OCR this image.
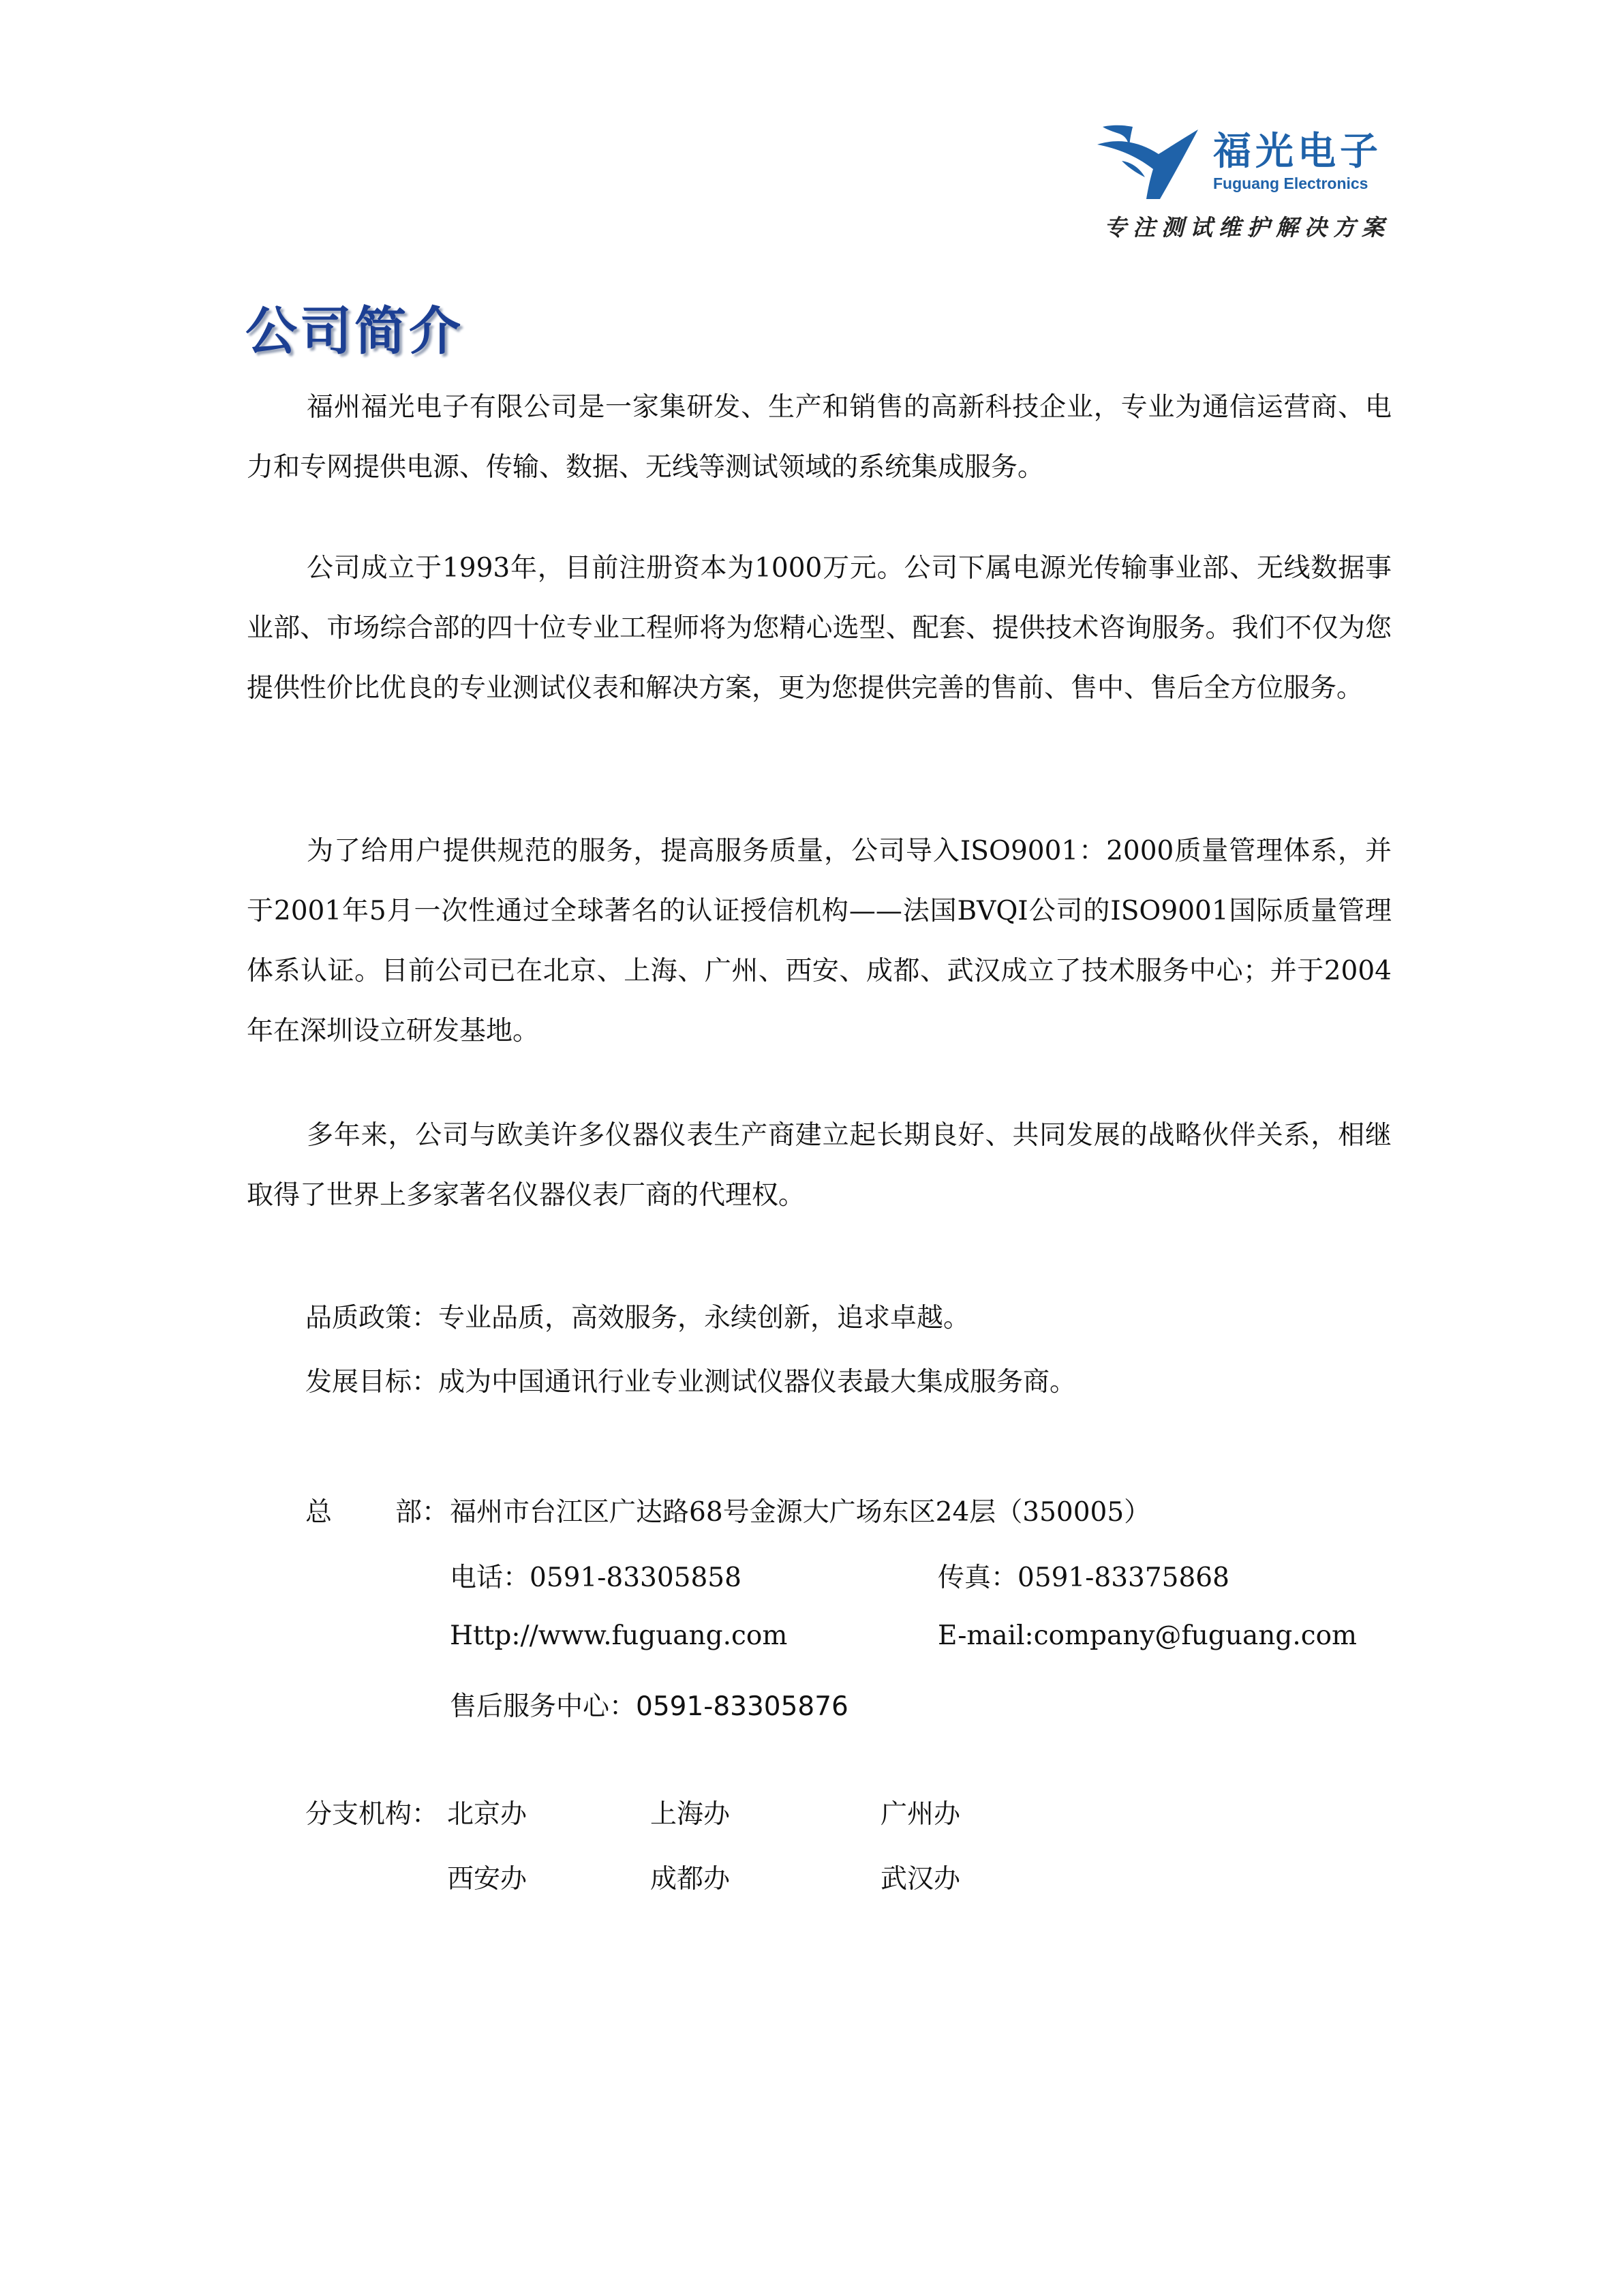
福光电子
Fuguang Electronics
专注测试维护解决方案
公司简介

福州福光电子有限公司是一家集研发、生产和销售的高新科技企业，专业为通信运营商、电力和专网提供电源、传输、数据、无线等测试领域的系统集成服务。

公司成立于1993年，目前注册资本为1000万元。公司下属电源光传输事业部、无线数据事业部、市场综合部的四十位专业工程师将为您精心选型、配套、提供技术咨询服务。我们不仅为您提供性价比优良的专业测试仪表和解决方案，更为您提供完善的售前、售中、售后全方位服务。

为了给用户提供规范的服务，提高服务质量，公司导入ISO9001：2000质量管理体系，并于2001年5月一次性通过全球著名的认证授信机构——法国BVQI公司的ISO9001国际质量管理体系认证。目前公司已在北京、上海、广州、西安、成都、武汉成立了技术服务中心；并于2004年在深圳设立研发基地。

多年来，公司与欧美许多仪器仪表生产商建立起长期良好、共同发展的战略伙伴关系，相继取得了世界上多家著名仪器仪表厂商的代理权。

品质政策：专业品质，高效服务，永续创新，追求卓越。
发展目标：成为中国通讯行业专业测试仪器仪表最大集成服务商。
总 部： 福州市台江区广达路68号金源大广场东区24层（350005）
电话：0591-83305858	传真：0591-83375868
Http://www.fuguang.com	E-mail:company@fuguang.com
售后服务中心：0591-83305876
分支机构： 北京办	上海办	广州办
西安办	成都办	武汉办
